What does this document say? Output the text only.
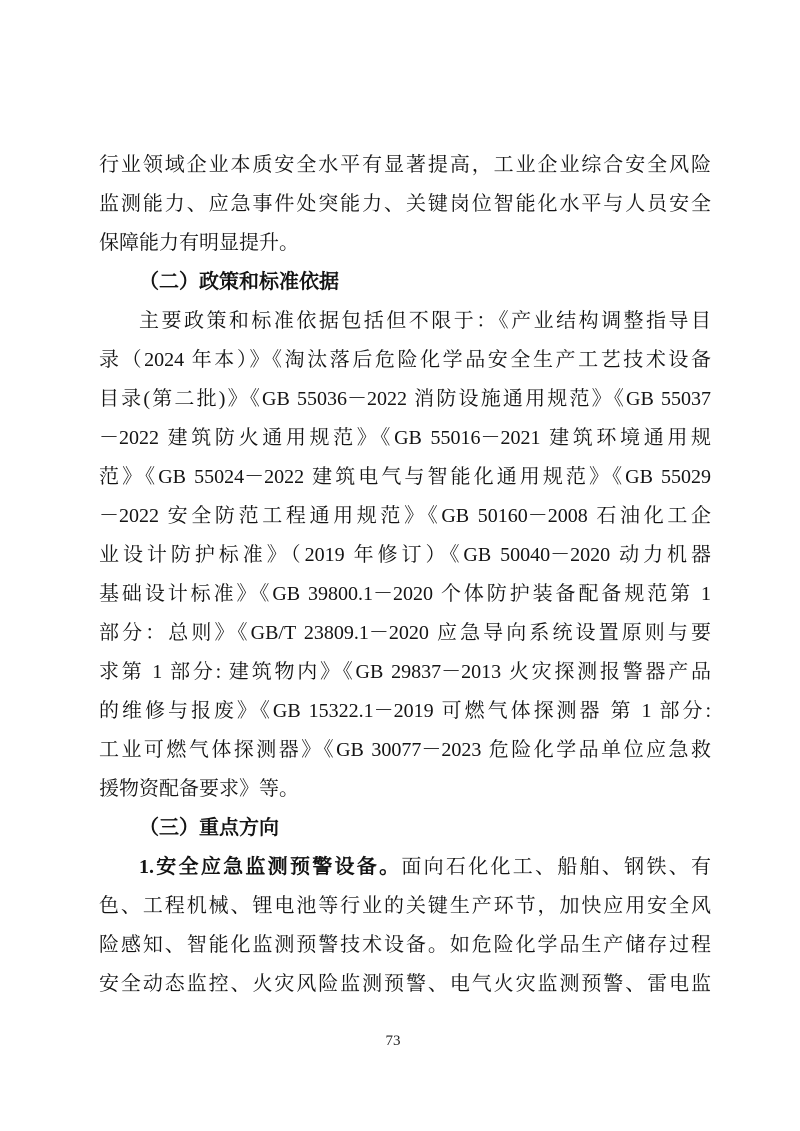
行业领域企业本质安全水平有显著提高，工业企业综合安全风险
监测能力、应急事件处突能力、关键岗位智能化水平与人员安全
保障能力有明显提升。
（二）政策和标准依据
主要政策和标准依据包括但不限于：《产业结构调整指导目
录（2024 年本）》《淘汰落后危险化学品安全生产工艺技术设备
目录(第二批)》《GB 55036－2022 消防设施通用规范》《GB 55037
－2022 建筑防火通用规范》《GB 55016－2021 建筑环境通用规
范》《GB 55024－2022 建筑电气与智能化通用规范》《GB 55029
－2022 安全防范工程通用规范》《GB 50160－2008 石油化工企
业设计防护标准》（2019 年修订）《GB 50040－2020 动力机器
基础设计标准》《GB 39800.1－2020 个体防护装备配备规范第 1
部分：总则》《GB/T 23809.1－2020 应急导向系统设置原则与要
求第 1 部分: 建筑物内》《GB 29837－2013 火灾探测报警器产品
的维修与报废》《GB 15322.1－2019 可燃气体探测器 第 1 部分:
工业可燃气体探测器》《GB 30077－2023 危险化学品单位应急救
援物资配备要求》等。
（三）重点方向
1.安全应急监测预警设备。面向石化化工、船舶、钢铁、有
色、工程机械、锂电池等行业的关键生产环节，加快应用安全风
险感知、智能化监测预警技术设备。如危险化学品生产储存过程
安全动态监控、火灾风险监测预警、电气火灾监测预警、雷电监
73
